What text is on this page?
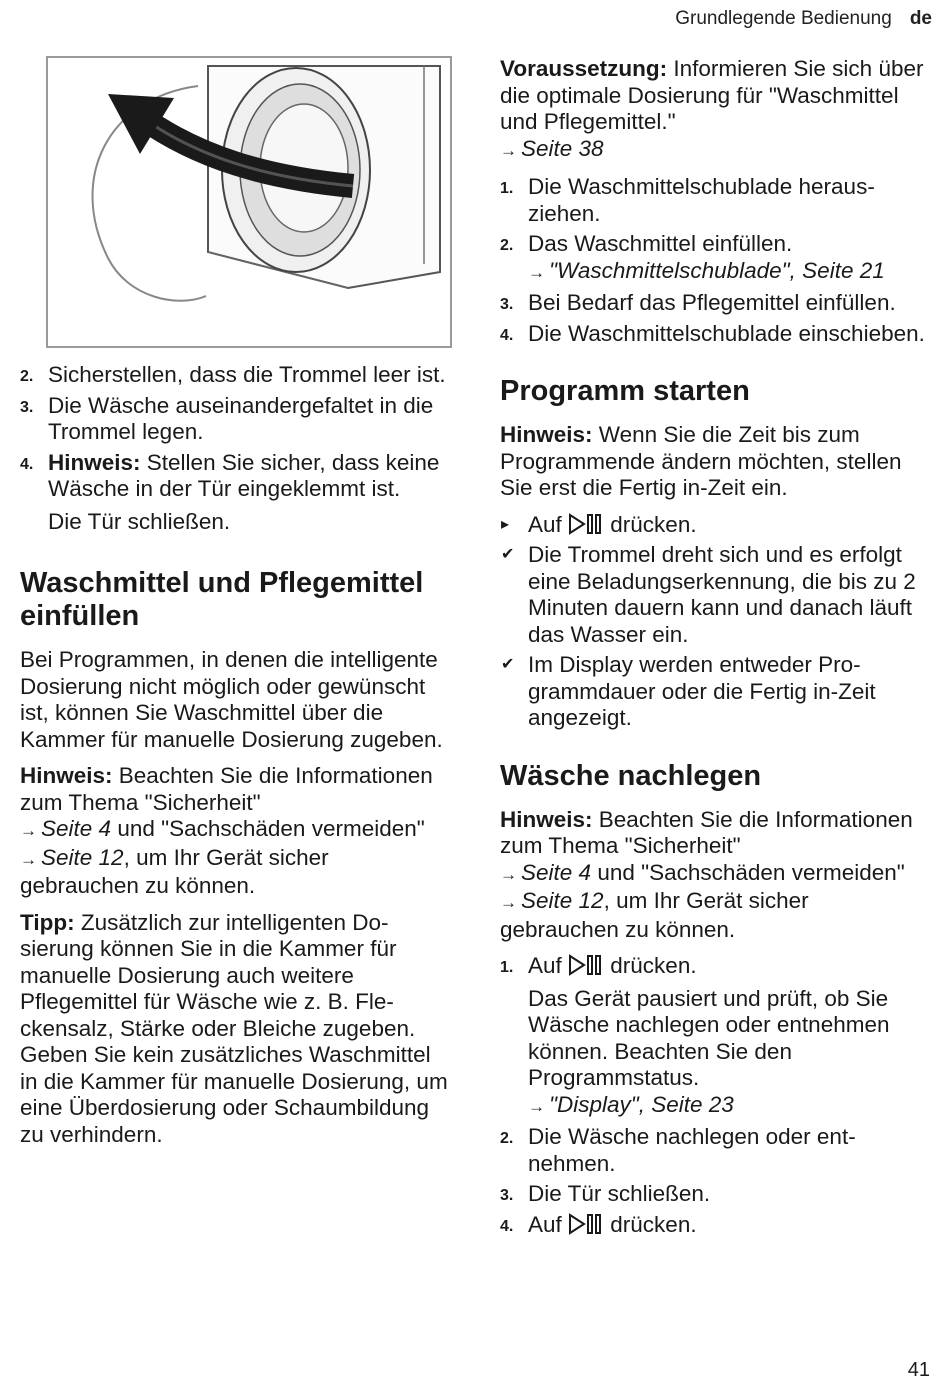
Grundlegende Bedienung de
2. Sicherstellen, dass die Trommel leer ist.
3. Die Wäsche auseinandergefaltet in die Trommel legen.
4. Hinweis: Stellen Sie sicher, dass keine Wäsche in der Tür eingeklemmt ist.
Die Tür schließen.
Waschmittel und Pflegemittel einfüllen

Bei Programmen, in denen die intelligente Dosierung nicht möglich oder gewünscht ist, können Sie Waschmittel über die Kammer für manuelle Dosierung zugeben.

Hinweis: Beachten Sie die Informationen zum Thema "Sicherheit"
→ Seite 4 und "Sachschäden vermeiden" → Seite 12, um Ihr Gerät sicher gebrauchen zu können.

Tipp: Zusätzlich zur intelligenten Dosierung können Sie in die Kammer für manuelle Dosierung auch weitere Pflegemittel für Wäsche wie z. B. Fleckensalz, Stärke oder Bleiche zugeben. Geben Sie kein zusätzliches Waschmittel in die Kammer für manuelle Dosierung, um eine Überdosierung oder Schaumbildung zu verhindern.

Voraussetzung: Informieren Sie sich über die optimale Dosierung für "Waschmittel und Pflegemittel."
→ Seite 38

1. Die Waschmittelschublade herausziehen.
2. Das Waschmittel einfüllen.
→ "Waschmittelschublade", Seite 21
3. Bei Bedarf das Pflegemittel einfüllen.
4. Die Waschmittelschublade einschieben.
Programm starten

Hinweis: Wenn Sie die Zeit bis zum Programmende ändern möchten, stellen Sie erst die Fertig in-Zeit ein.

▸ Auf  drücken.
✔ Die Trommel dreht sich und es erfolgt eine Beladungserkennung, die bis zu 2 Minuten dauern kann und danach läuft das Wasser ein.
✔ Im Display werden entweder Programmdauer oder die Fertig in-Zeit angezeigt.
Wäsche nachlegen

Hinweis: Beachten Sie die Informationen zum Thema "Sicherheit"
→ Seite 4 und "Sachschäden vermeiden" → Seite 12, um Ihr Gerät sicher gebrauchen zu können.

1. Auf  drücken.
Das Gerät pausiert und prüft, ob Sie Wäsche nachlegen oder entnehmen können. Beachten Sie den Programmstatus.
→ "Display", Seite 23
2. Die Wäsche nachlegen oder entnehmen.
3. Die Tür schließen.
4. Auf  drücken.
41
